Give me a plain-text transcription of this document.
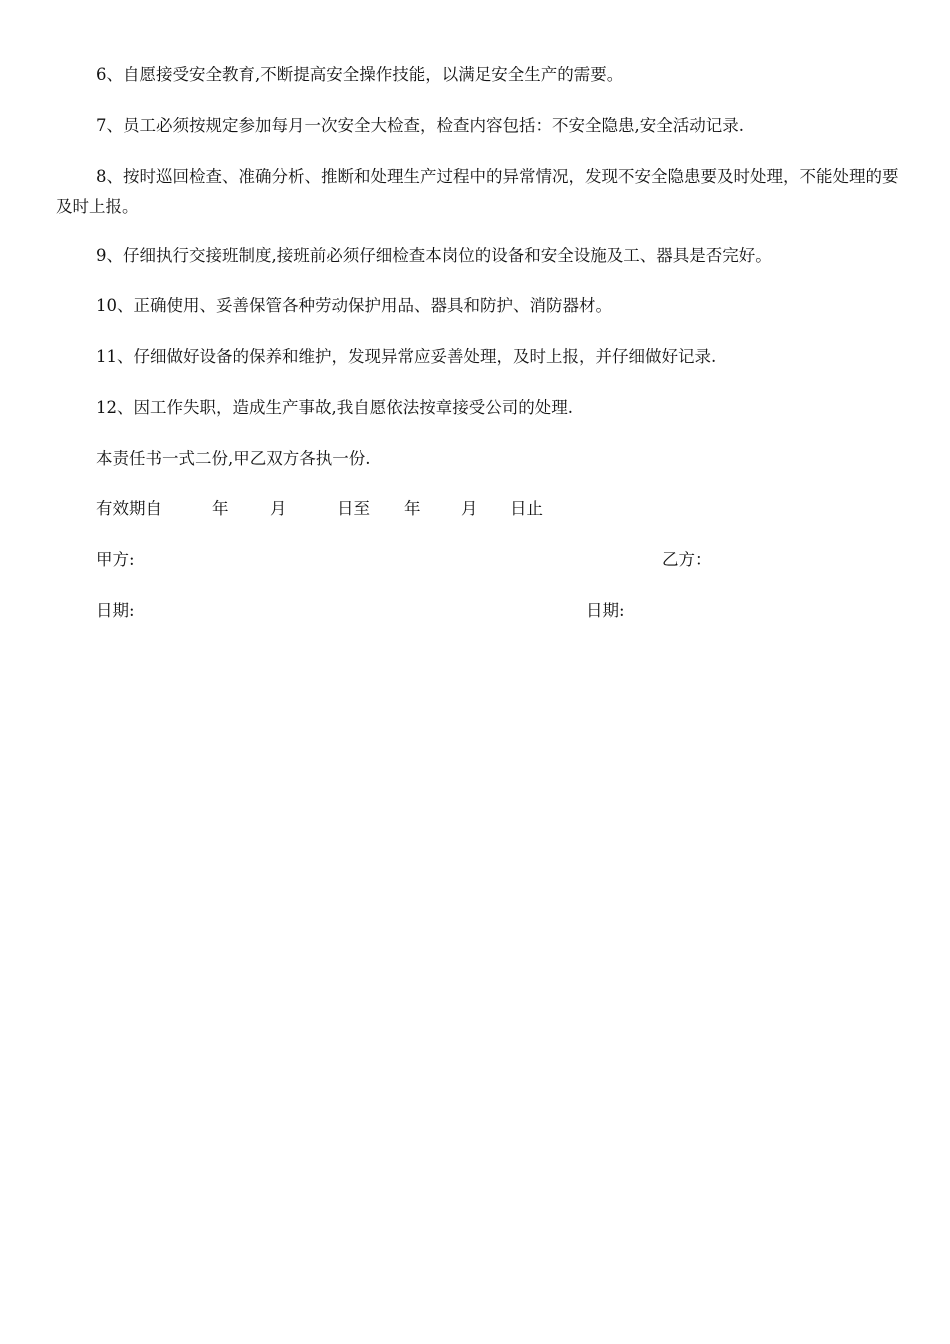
6、自愿接受安全教育,不断提高安全操作技能，以满足安全生产的需要。
7、员工必须按规定参加每月一次安全大检查，检查内容包括：不安全隐患,安全活动记录.
8、按时巡回检查、准确分析、推断和处理生产过程中的异常情况，发现不安全隐患要及时处理，不能处理的要及时上报。
9、仔细执行交接班制度,接班前必须仔细检查本岗位的设备和安全设施及工、器具是否完好。
10、正确使用、妥善保管各种劳动保护用品、器具和防护、消防器材。
11、仔细做好设备的保养和维护，发现异常应妥善处理，及时上报，并仔细做好记录.
12、因工作失职，造成生产事故,我自愿依法按章接受公司的处理.
本责任书一式二份,甲乙双方各执一份.
有效期自	年	月	日至 年 月 日止
甲方:	乙方：
日期:	日期:
